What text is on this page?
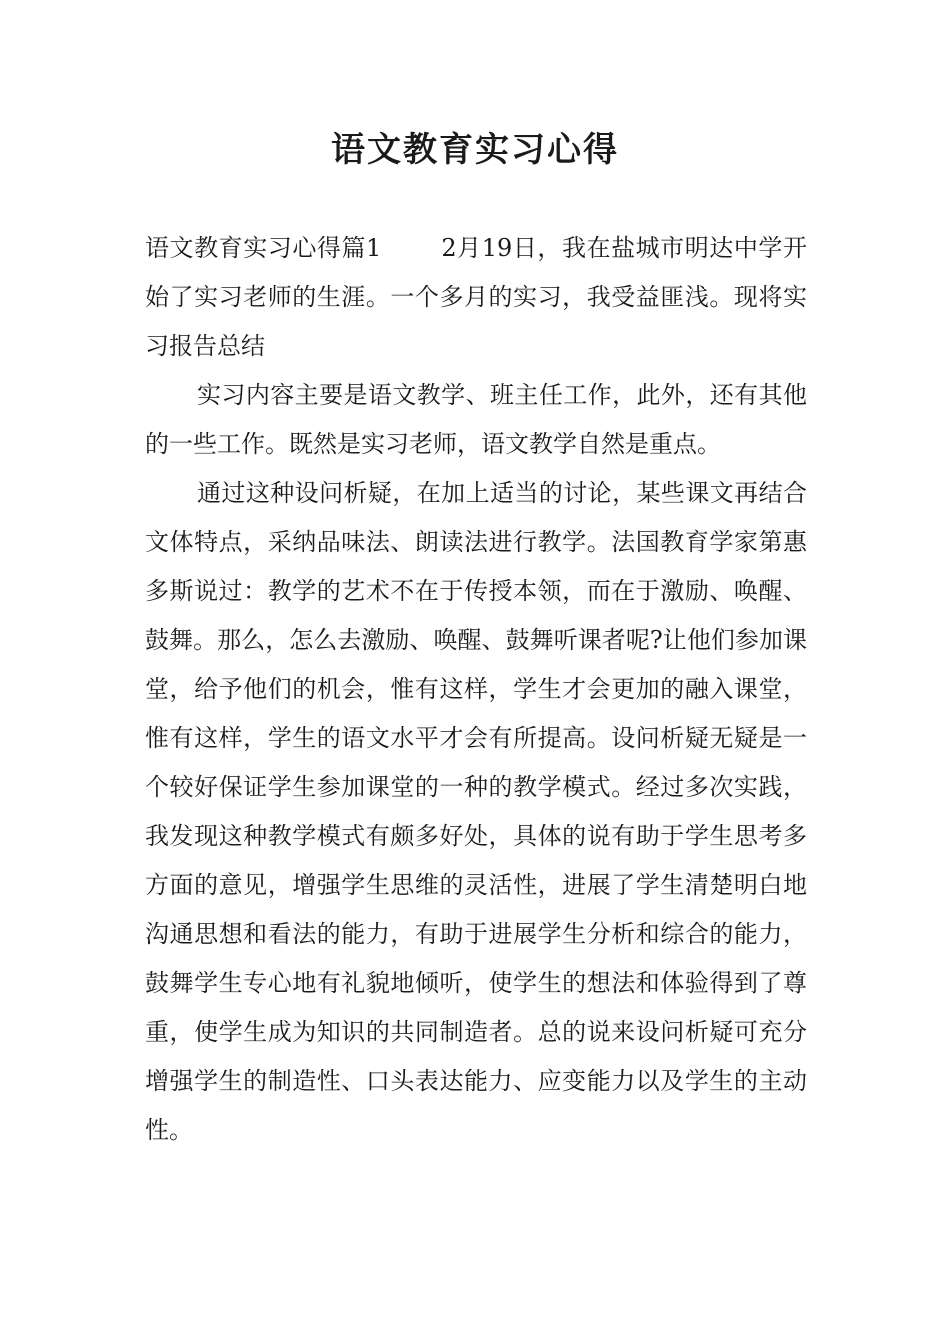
语文教育实习心得

语文教育实习心得篇1	2月19日，我在盐城市明达中学开始了实习老师的生涯。一个多月的实习，我受益匪浅。现将实习报告总结

实习内容主要是语文教学、班主任工作，此外，还有其他的一些工作。既然是实习老师，语文教学自然是重点。

通过这种设问析疑，在加上适当的讨论，某些课文再结合文体特点，采纳品味法、朗读法进行教学。法国教育学家第惠多斯说过：教学的艺术不在于传授本领，而在于激励、唤醒、鼓舞。那么，怎么去激励、唤醒、鼓舞听课者呢?让他们参加课堂，给予他们的机会，惟有这样，学生才会更加的融入课堂，惟有这样，学生的语文水平才会有所提高。设问析疑无疑是一个较好保证学生参加课堂的一种的教学模式。经过多次实践，我发现这种教学模式有颇多好处，具体的说有助于学生思考多方面的意见，增强学生思维的灵活性，进展了学生清楚明白地沟通思想和看法的能力，有助于进展学生分析和综合的能力，鼓舞学生专心地有礼貌地倾听，使学生的想法和体验得到了尊重，使学生成为知识的共同制造者。总的说来设问析疑可充分增强学生的制造性、口头表达能力、应变能力以及学生的主动性。
